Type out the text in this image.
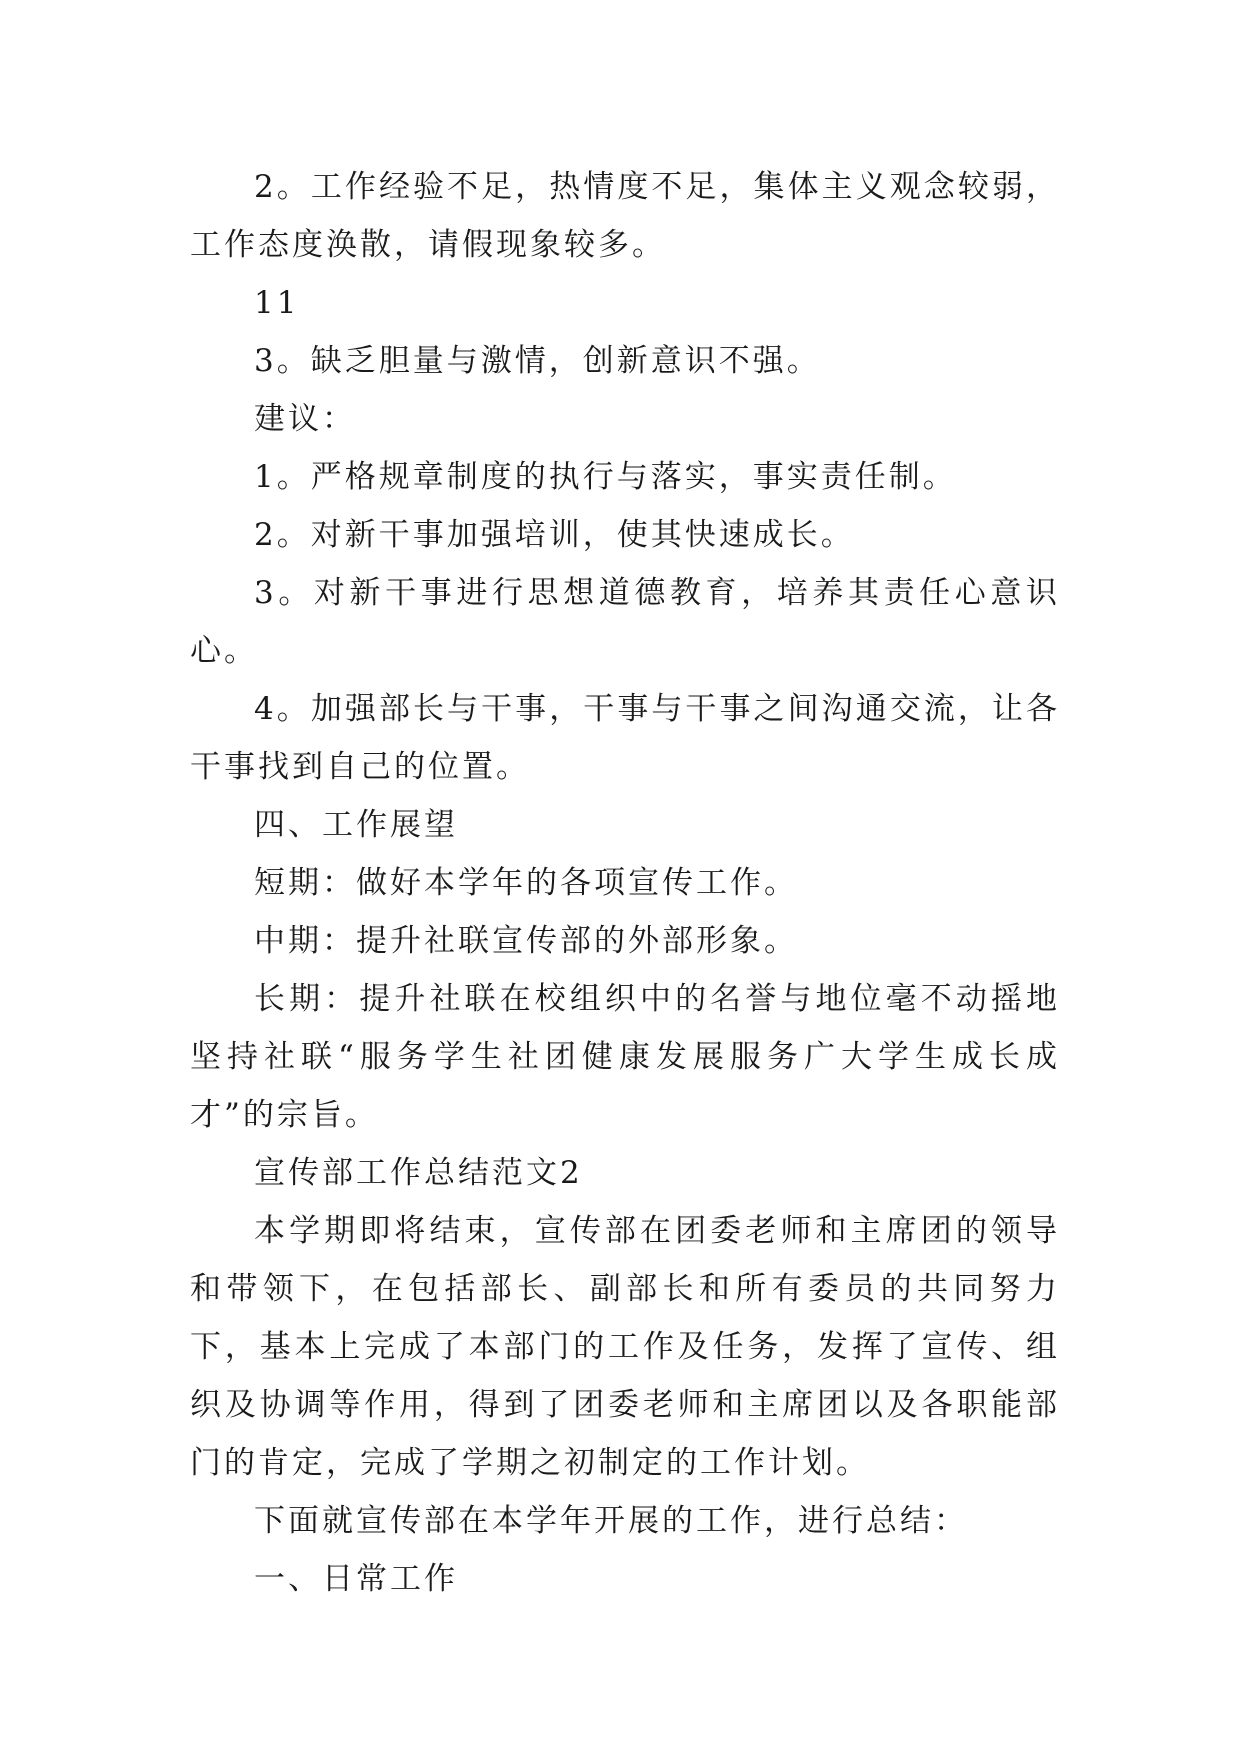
2。工作经验不足，热情度不足，集体主义观念较弱，工作态度涣散，请假现象较多。

11

3。缺乏胆量与激情，创新意识不强。

建议：

1。严格规章制度的执行与落实，事实责任制。

2。对新干事加强培训，使其快速成长。

3。对新干事进行思想道德教育，培养其责任心意识心。

4。加强部长与干事，干事与干事之间沟通交流，让各干事找到自己的位置。

四、工作展望

短期：做好本学年的各项宣传工作。

中期：提升社联宣传部的外部形象。

长期：提升社联在校组织中的名誉与地位毫不动摇地坚持社联“服务学生社团健康发展服务广大学生成长成才”的宗旨。

宣传部工作总结范文2

本学期即将结束，宣传部在团委老师和主席团的领导和带领下，在包括部长、副部长和所有委员的共同努力下，基本上完成了本部门的工作及任务，发挥了宣传、组织及协调等作用，得到了团委老师和主席团以及各职能部门的肯定，完成了学期之初制定的工作计划。

下面就宣传部在本学年开展的工作，进行总结：

一、日常工作
